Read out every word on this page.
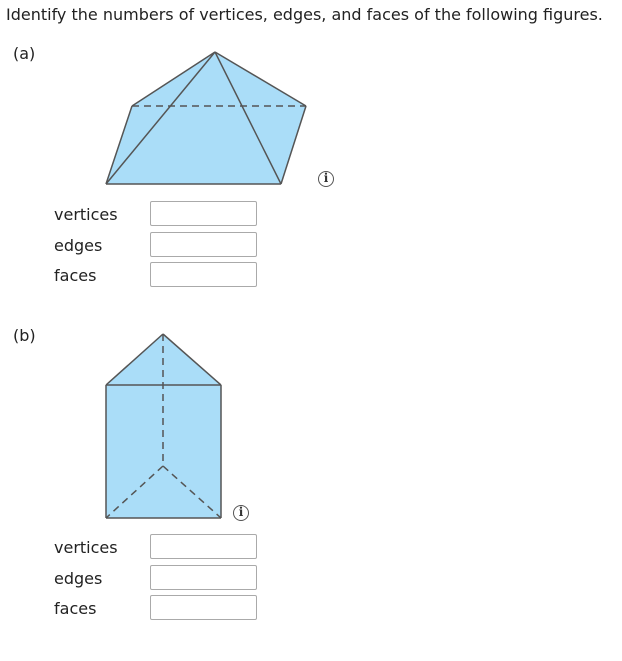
Identify the numbers of vertices, edges, and faces of the following figures.
(a)
i
vertices
edges
faces
(b)
i
vertices
edges
faces
